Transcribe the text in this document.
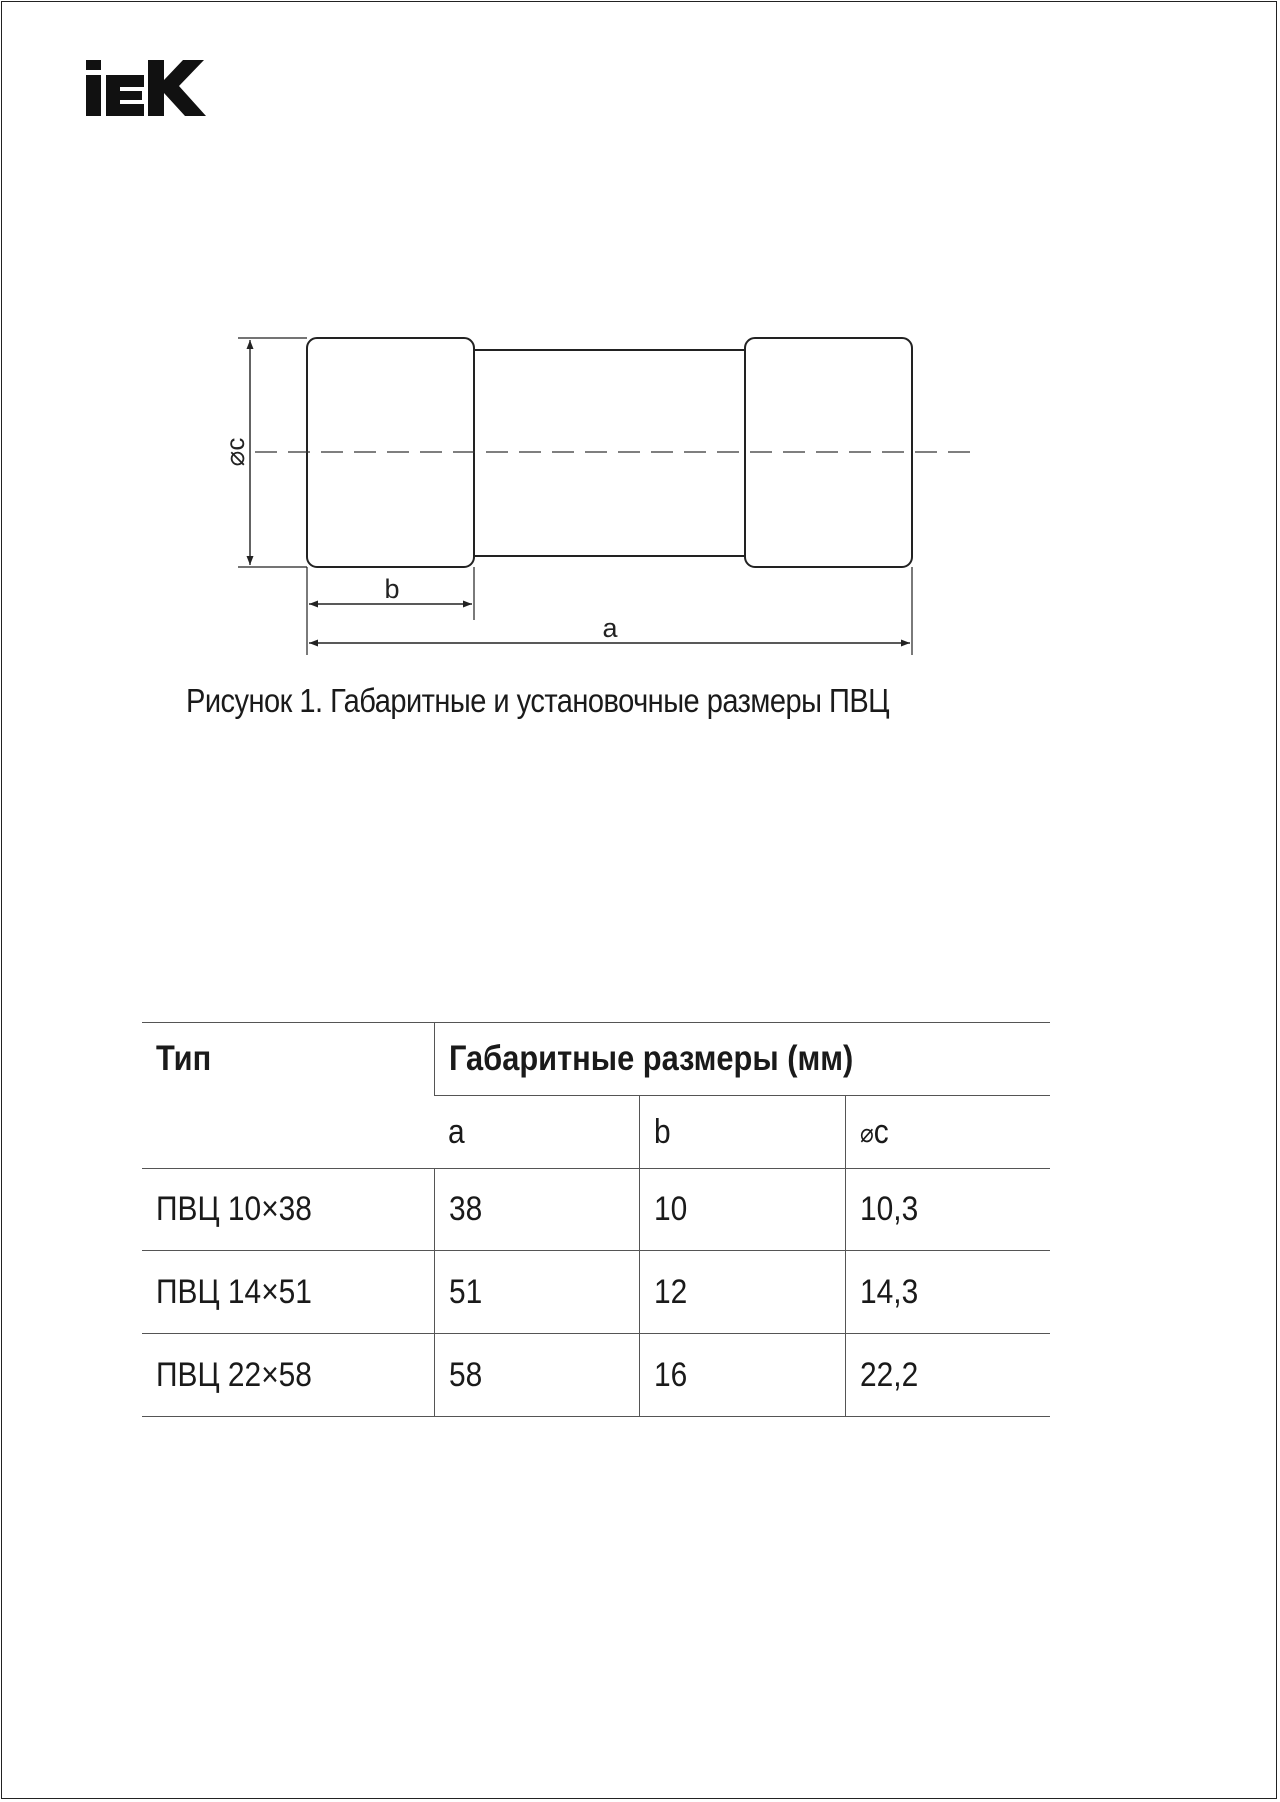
⌀c
b
a
Рисунок 1. Габаритные и установочные размеры ПВЦ
Тип	Габаритные размеры (мм)		
	a	b	⌀c
ПВЦ 10×38	38	10	10,3
ПВЦ 14×51	51	12	14,3
ПВЦ 22×58	58	16	22,2
